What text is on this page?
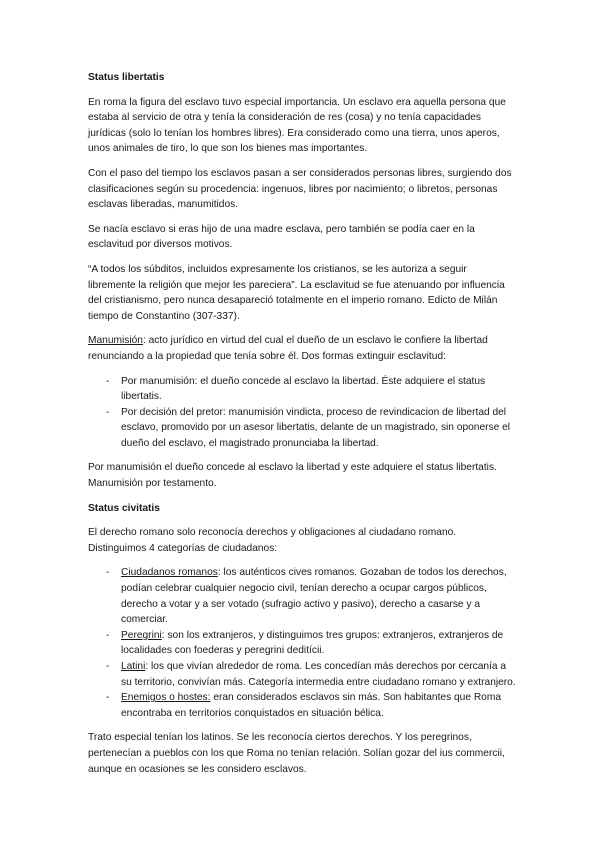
Status libertatis

En roma la figura del esclavo tuvo especial importancia. Un esclavo era aquella persona que estaba al servicio de otra y tenía la consideración de res (cosa) y no tenía capacidades jurídicas (solo lo tenían los hombres libres). Era considerado como una tierra, unos aperos, unos animales de tiro, lo que son los bienes mas importantes.

Con el paso del tiempo los esclavos pasan a ser considerados personas libres, surgiendo dos clasificaciones según su procedencia: ingenuos, libres por nacimiento; o libretos, personas esclavas liberadas, manumitidos.

Se nacía esclavo si eras hijo de una madre esclava, pero también se podía caer en la esclavitud por diversos motivos.

“A todos los súbditos, incluidos expresamente los cristianos, se les autoriza a seguir libremente la religión que mejor les pareciera”. La esclavitud se fue atenuando por influencia del cristianismo, pero nunca desapareció totalmente en el imperio romano. Edicto de Milán tiempo de Constantino (307-337).

Manumisión: acto jurídico en virtud del cual el dueño de un esclavo le confiere la libertad renunciando a la propiedad que tenía sobre él. Dos formas extinguir esclavitud:

- Por manumisión: el dueño concede al esclavo la libertad. Éste adquiere el status libertatis.
- Por decisión del pretor: manumisión vindicta, proceso de revindicacion de libertad del esclavo, promovido por un asesor libertatis, delante de un magistrado, sin oponerse el dueño del esclavo, el magistrado pronunciaba la libertad.

Por manumisión el dueño concede al esclavo la libertad y este adquiere el status libertatis. Manumisión por testamento.

Status civitatis

El derecho romano solo reconocía derechos y obligaciones al ciudadano romano. Distinguimos 4 categorías de ciudadanos:

- Ciudadanos romanos: los auténticos cives romanos. Gozaban de todos los derechos, podían celebrar cualquier negocio civil, tenían derecho a ocupar cargos públicos, derecho a votar y a ser votado (sufragio activo y pasivo), derecho a casarse y a comerciar.
- Peregrini: son los extranjeros, y distinguimos tres grupos: extranjeros, extranjeros de localidades con foederas y peregrini deditícii.
- Latini: los que vivían alrededor de roma. Les concedían más derechos por cercanía a su territorio, convivían más. Categoría intermedia entre ciudadano romano y extranjero.
- Enemigos o hostes: eran considerados esclavos sin más. Son habitantes que Roma encontraba en territorios conquistados en situación bélica.

Trato especial tenían los latinos. Se les reconocía ciertos derechos. Y los peregrinos, pertenecían a pueblos con los que Roma no tenían relación. Solían gozar del ius commercii, aunque en ocasiones se les considero esclavos.
